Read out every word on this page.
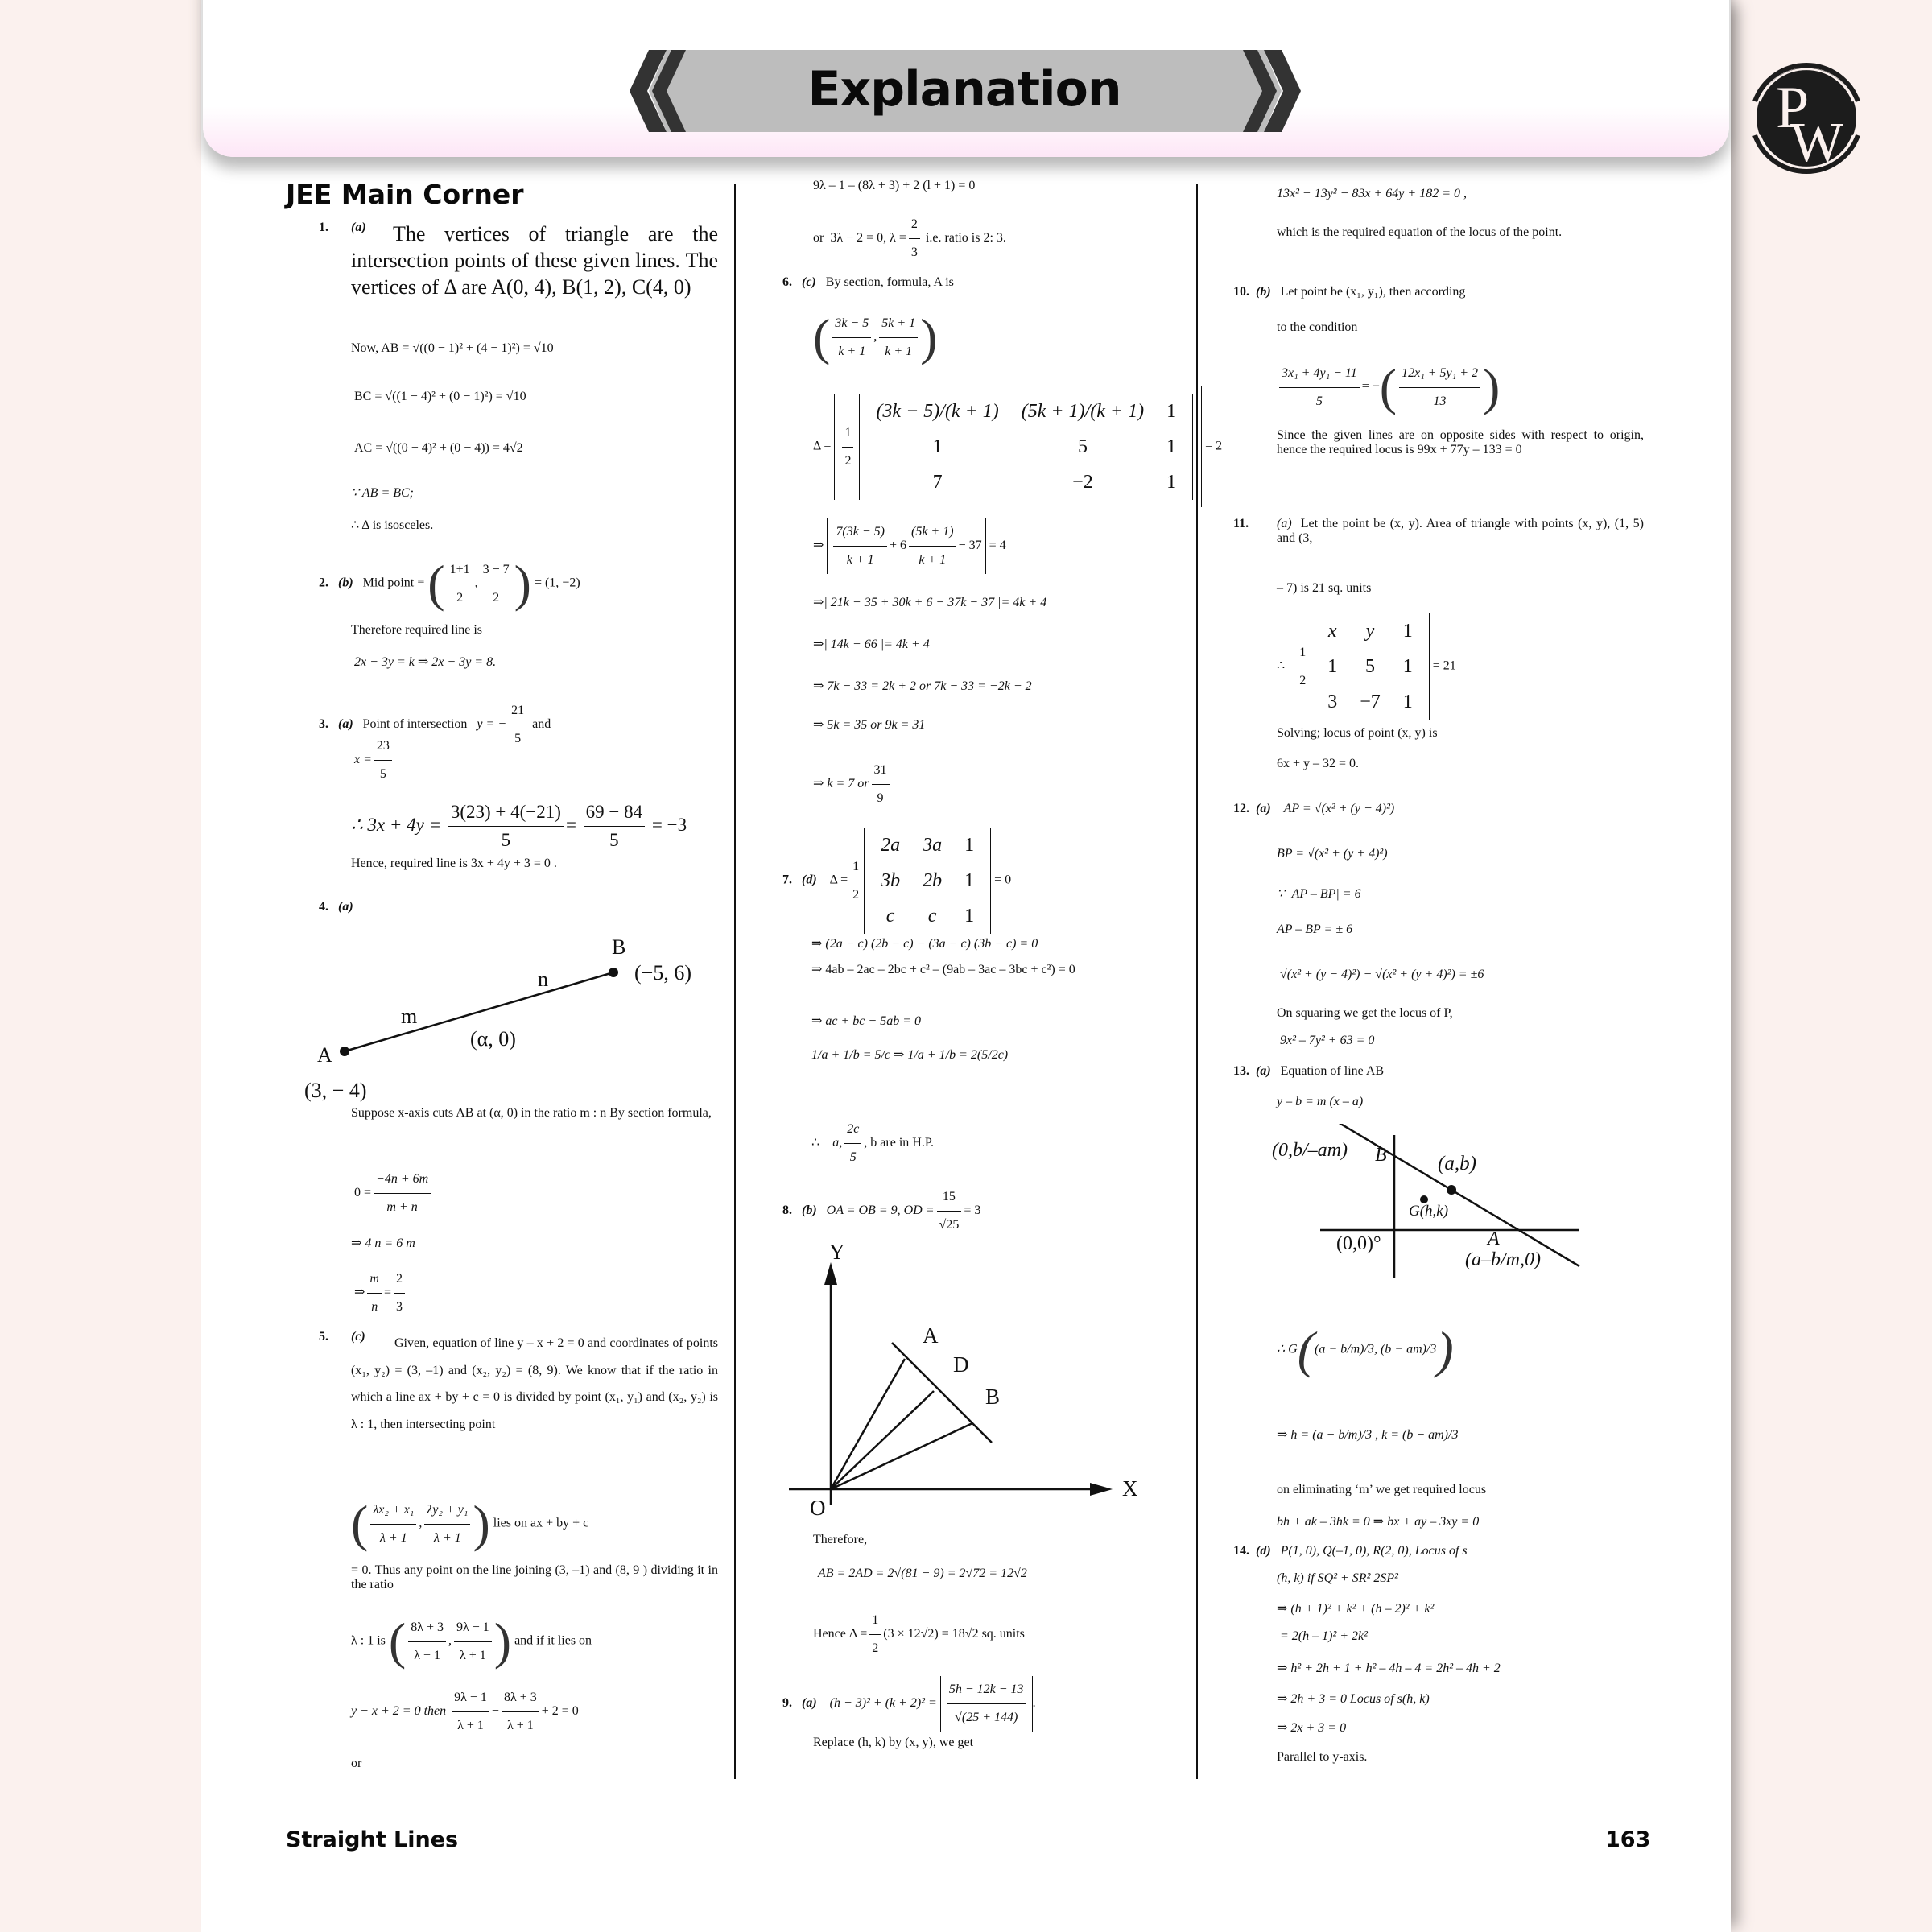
Explanation	P
W
JEE Main Corner
1. (a)	The vertices of triangle are the intersection points of these given lines. The vertices of Δ are A(0, 4), B(1, 2), C(4, 0)
Now, AB = √((0 − 1)² + (4 − 1)²) = √10
BC = √((1 − 4)² + (0 − 1)²) = √10
AC = √((0 − 4)² + (0 − 4)) = 4√2
∵ AB = BC;
∴ Δ is isosceles.
2. (b) Mid point ≡ ( $\frac{1+1}{2}$ , $\frac{3 - 7}{2}$ ) = (1, −2)
Therefore required line is
2x − 3y = k ⇒ 2x − 3y = 8.
3. (a) Point of intersection y = − $\frac{21}{5}$ and
$x = \frac{23}{5}$
∴ $3x + 4y = \frac{3(23) + 4(-21)}{5} = \frac{69 - 84}{5} = -3$
Hence, required line is 3x + 4y + 3 = 0 .
4. (a)
B
(−5, 6)
n
m
(α, 0)
A
(3, − 4)
Suppose x-axis cuts AB at (α, 0) in the ratio m : n By section formula,
$0 = \frac{-4n + 6m}{m + n}$
⇒ 4 n = 6 m
⇒ $\frac{m}{n} = \frac{2}{3}$
5. (c)	Given, equation of line y – x + 2 = 0 and coordinates of points (x₁, y₂) = (3, –1) and (x₂, y₂) = (8, 9). We know that if the ratio in which a line ax + by + c = 0 is divided by point (x₁, y₁) and (x₂, y₂) is λ : 1, then intersecting point
( $\frac{\text{λx₂ + x₁}}{\lambda + 1}$ , $\frac{\text{λy₂ + y₁}}{\lambda + 1}$ ) lies on ax + by + c
= 0. Thus any point on the line joining (3, –1) and (8, 9 ) dividing it in the ratio
λ : 1 is ( $\frac{8\lambda + 3}{\lambda + 1}$ , $\frac{9\lambda - 1}{\lambda + 1}$ ) and if it lies on
y − x + 2 = 0 then $\frac{9\lambda - 1}{\lambda + 1} - \frac{8\lambda + 3}{\lambda + 1} + 2 = 0$
or
9λ – 1 – (8λ + 3) + 2 (l + 1) = 0
or 3λ − 2 = 0, $\lambda = \frac{2}{3} i.e$. ratio is 2: 3.
6. (c) By section, formula, A is
( $\frac{3k - 5}{k + 1}$ , $\frac{5k + 1}{k + 1}$ )
$\Delta = \frac{1}{2}$

(3k − 5)/(k + 1)	(5k + 1)/(k + 1)	1
1	5	1
7	−2	1
= 2
⇒ $\frac{7(3k - 5)}{k + 1} + 6 \frac{(5k + 1)}{k + 1} - 37 = 4$
⇒| 21k − 35 + 30k + 6 − 37k − 37 |= 4k + 4
⇒| 14k − 66 |= 4k + 4
⇒ 7k − 33 = 2k + 2 or 7k − 33 = −2k − 2
⇒ 5k = 35 or 9k = 31
⇒ k = 7 or $\frac{31}{9}$
7. (d) $\Delta = \frac{1}{2}$
2a	3a	1
3b	2b	1
c	c	1
= 0
⇒ (2a − c) (2b − c) − (3a − c) (3b − c) = 0
⇒ 4ab – 2ac – 2bc + c² – (9ab – 3ac – 3bc + c²) = 0
⇒ ac + bc − 5ab = 0
1/a + 1/b = 5/c ⇒ 1/a + 1/b = 2(5/2c)
∴ a, $\frac{2c}{5}$ , b are in H.P.
8. (b) OA = OB = 9, OD = $\frac{15}{√25} = 3$
Y
X
O
A
D
B
Therefore,
AB = 2AD = 2√(81 − 9) = 2√72 = 12√2
Hence $\Delta = \frac{1}{2} (3 \times 12√2) = 18√2$ sq. units
9. (a) $(h - 3)^2 + (k + 2)^2 = \frac{5h - 12k - 13}{√(25 + 144)}$ .
Replace (h, k) by (x, y), we get
13x² + 13y² − 83x + 64y + 182 = 0 ,
which is the required equation of the locus of the point.
10. (b) Let point be (x₁, y₁), then according
to the condition
$\frac{\text{3x₁ + 4y₁ − 11}}{5}$ = −( $\frac{\text{12x₁ + 5y₁ + 2}}{13}$ )
Since the given lines are on opposite sides with respect to origin, hence the required locus is 99x + 77y – 133 = 0
11. (a) Let the point be (x, y). Area of triangle with points (x, y), (1, 5) and (3,
– 7) is 21 sq. units
∴ $\frac{1}{2}$
x	y	1
1	5	1
3	−7	1
= 21
Solving; locus of point (x, y) is
6x + y – 32 = 0.
12. (a) AP = √(x² + (y − 4)²)
BP = √(x² + (y + 4)²)
∵ |AP – BP| = 6
AP – BP = ± 6
√(x² + (y − 4)²) − √(x² + (y + 4)²) = ±6
On squaring we get the locus of P,
9x² – 7y² + 63 = 0
13. (a) Equation of line AB
y – b = m (x – a)
(0,b/–am) B	(a,b)
G(h,k)
(0,0)°	A
(a–b/m,0)
∴ G((a − b/m)/3, (b − am)/3)
⇒ h = (a − b/m)/3 , k = (b − am)/3
on eliminating ‘m’ we get required locus
bh + ak – 3hk = 0 ⇒ bx + ay – 3xy = 0
14. (d) P(1, 0), Q(–1, 0), R(2, 0), Locus of s
(h, k) if SQ² + SR² 2SP²
⇒ (h + 1)² + k² + (h – 2)² + k²
= 2(h – 1)² + 2k²
⇒ h² + 2h + 1 + h² – 4h – 4 = 2h² – 4h + 2
⇒ 2h + 3 = 0 Locus of s(h, k)
⇒ 2x + 3 = 0
Parallel to y-axis.
Straight Lines	163
